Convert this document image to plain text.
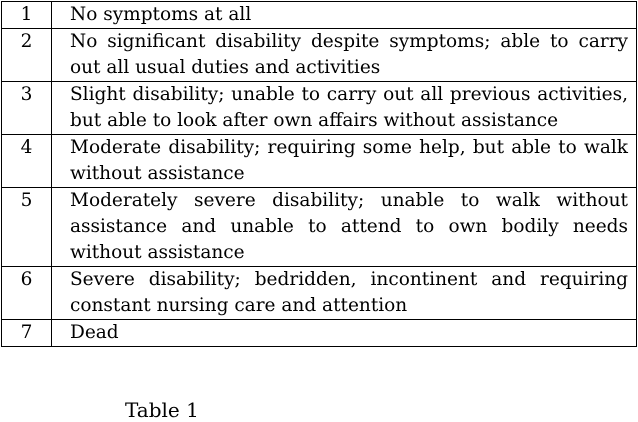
1	No symptoms at all
2	No significant disability despite symptoms; able to carry out all usual duties and activities
3	Slight disability; unable to carry out all previous activities, but able to look after own affairs without assistance
4	Moderate disability; requiring some help, but able to walk without assistance
5	Moderately severe disability; unable to walk without assistance and unable to attend to own bodily needs without assistance
6	Severe disability; bedridden, incontinent and requiring constant nursing care and attention
7	Dead
Table 1
